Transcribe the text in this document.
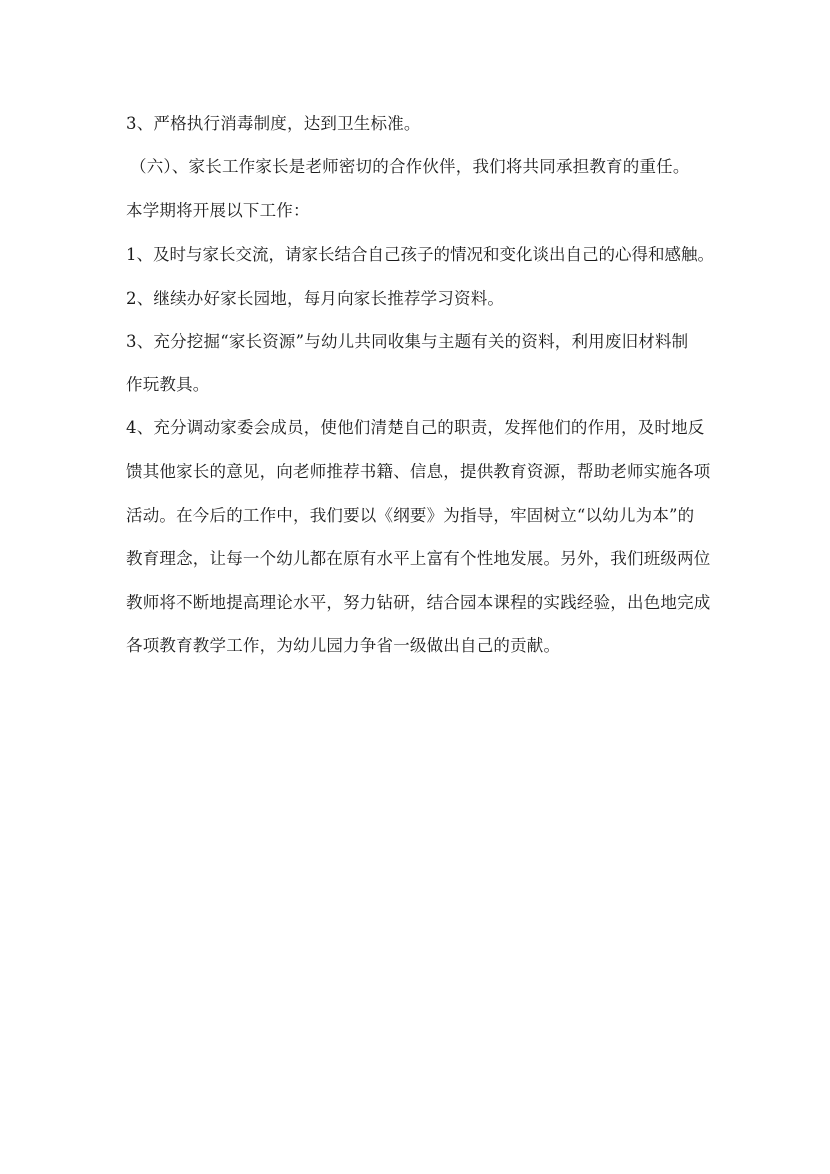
3、严格执行消毒制度，达到卫生标准。
（六）、家长工作家长是老师密切的合作伙伴，我们将共同承担教育的重任。
本学期将开展以下工作：
1、及时与家长交流，请家长结合自己孩子的情况和变化谈出自己的心得和感触。
2、继续办好家长园地，每月向家长推荐学习资料。
3、充分挖掘“家长资源”与幼儿共同收集与主题有关的资料，利用废旧材料制
作玩教具。
4、充分调动家委会成员，使他们清楚自己的职责，发挥他们的作用，及时地反
馈其他家长的意见，向老师推荐书籍、信息，提供教育资源，帮助老师实施各项
活动。在今后的工作中，我们要以《纲要》为指导，牢固树立“以幼儿为本”的
教育理念，让每一个幼儿都在原有水平上富有个性地发展。另外，我们班级两位
教师将不断地提高理论水平，努力钻研，结合园本课程的实践经验，出色地完成
各项教育教学工作，为幼儿园力争省一级做出自己的贡献。
